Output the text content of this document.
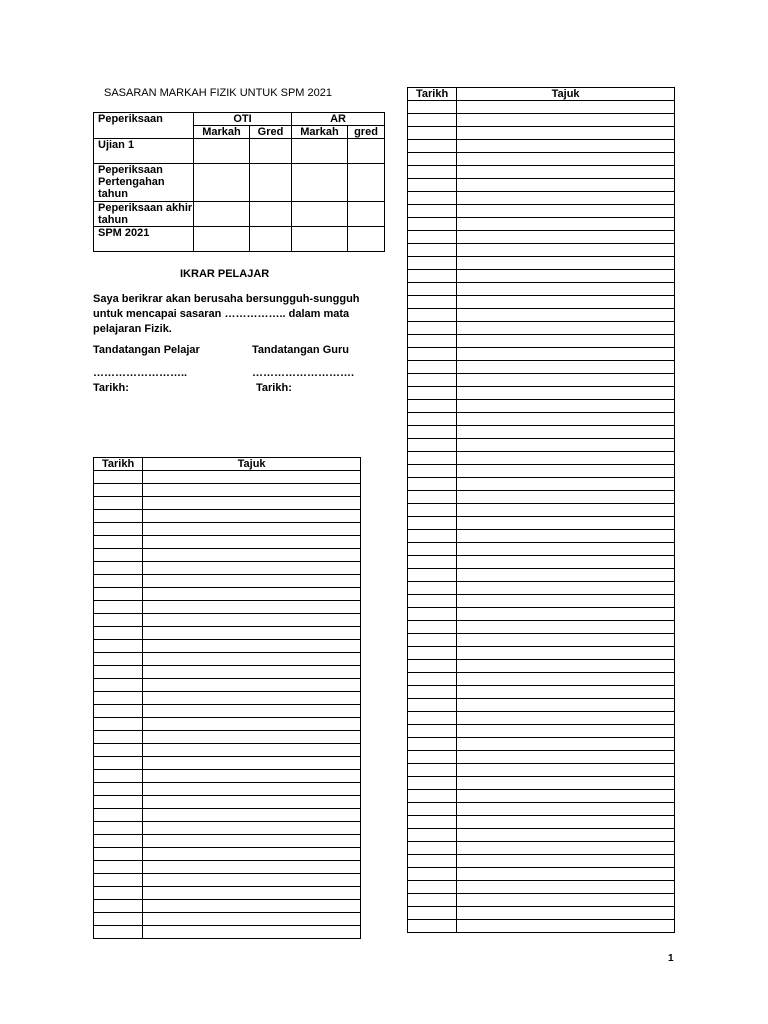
SASARAN MARKAH FIZIK UNTUK SPM 2021
Peperiksaan	OTI		AR	
	Markah	Gred	Markah	gred
Ujian 1				
Peperiksaan Pertengahan tahun				
Peperiksaan akhir tahun				
SPM 2021				
IKRAR PELAJAR
Saya berikrar akan berusaha bersungguh-sungguh untuk mencapai sasaran …………….. dalam mata pelajaran Fizik.
Tandatangan Pelajar	Tandatangan Guru
……………………..	……………………….
Tarikh:	Tarikh:
Tarikh	Tajuk

Tarikh	Tajuk

1
